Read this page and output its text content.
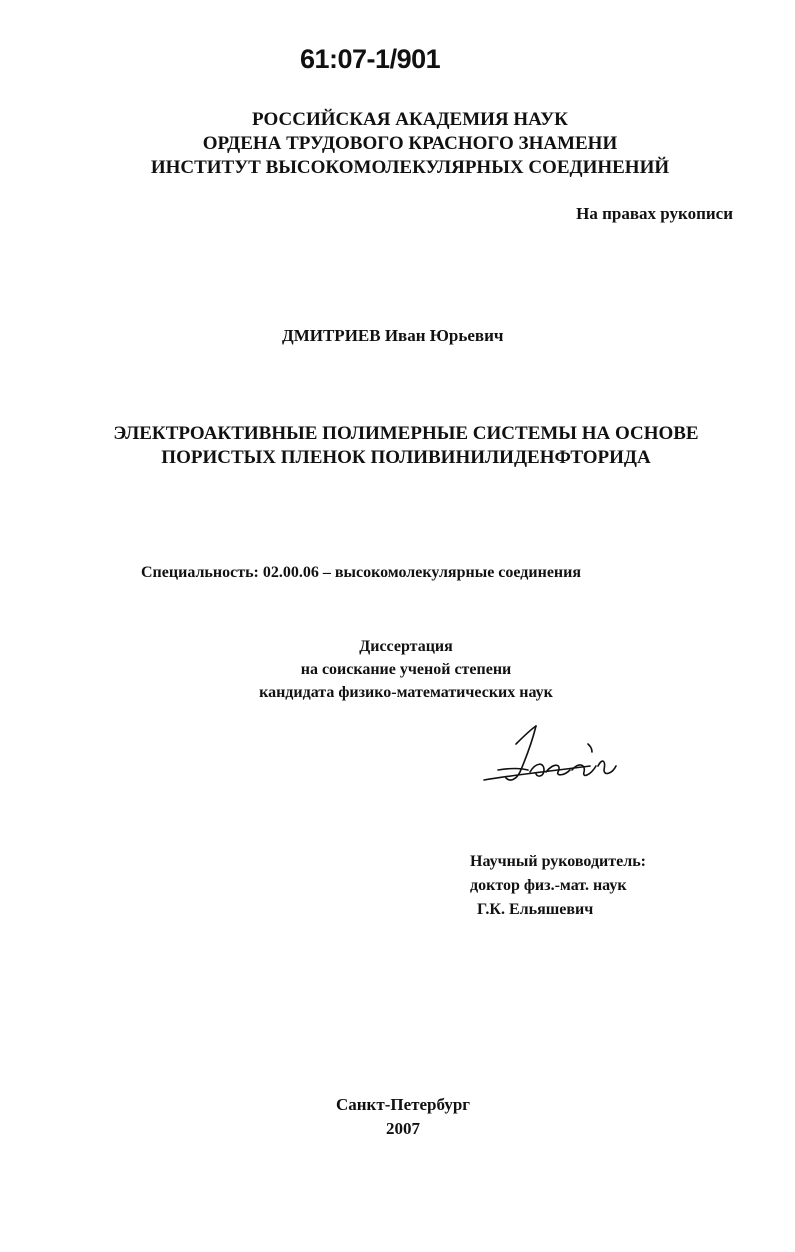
61:07-1/901
РОССИЙСКАЯ АКАДЕМИЯ НАУК
ОРДЕНА ТРУДОВОГО КРАСНОГО ЗНАМЕНИ
ИНСТИТУТ ВЫСОКОМОЛЕКУЛЯРНЫХ СОЕДИНЕНИЙ
На правах рукописи
ДМИТРИЕВ Иван Юрьевич
ЭЛЕКТРОАКТИВНЫЕ ПОЛИМЕРНЫЕ СИСТЕМЫ НА ОСНОВЕ
ПОРИСТЫХ ПЛЕНОК ПОЛИВИНИЛИДЕНФТОРИДА
Специальность: 02.00.06 – высокомолекулярные соединения
Диссертация
на соискание ученой степени
кандидата физико-математических наук
Научный руководитель:
доктор физ.-мат. наук
Г.К. Ельяшевич
Санкт-Петербург
2007
